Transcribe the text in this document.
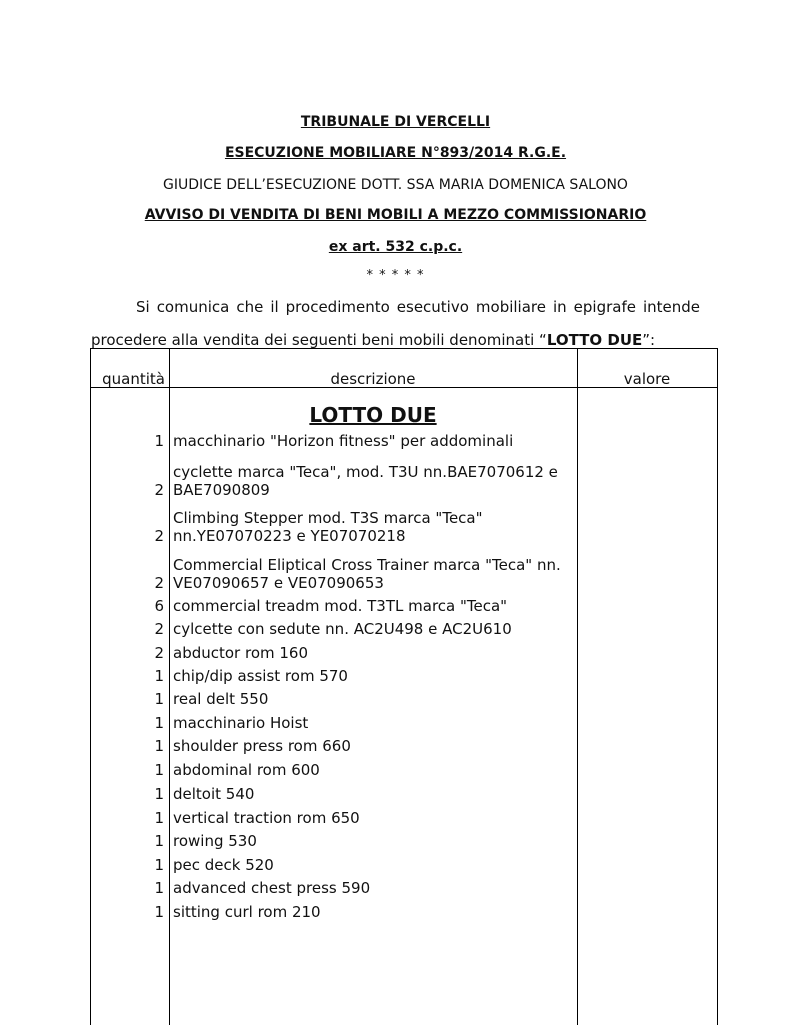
TRIBUNALE DI VERCELLI
ESECUZIONE MOBILIARE N°893/2014 R.G.E.
GIUDICE DELL’ESECUZIONE DOTT. SSA MARIA DOMENICA SALONO
AVVISO DI VENDITA DI BENI MOBILI A MEZZO COMMISSIONARIO
ex art. 532 c.p.c.
* * * * *
Si comunica che il procedimento esecutivo mobiliare in epigrafe intende
procedere alla vendita dei seguenti beni mobili denominati “LOTTO DUE”:
quantità	descrizione	valore
LOTTO DUE
1 macchinario "Horizon fitness" per addominali
2
cyclette marca "Teca", mod. T3U nn.BAE7070612 e BAE7090809
2
Climbing Stepper mod. T3S marca "Teca" nn.YE07070223 e YE07070218
2
Commercial Eliptical Cross Trainer marca "Teca" nn. VE07090657 e VE07090653
6 commercial treadm mod. T3TL marca "Teca"
2 cylcette con sedute nn. AC2U498 e AC2U610
2 abductor rom 160
1 chip/dip assist rom 570
1 real delt 550
1 macchinario Hoist
1 shoulder press rom 660
1 abdominal rom 600
1 deltoit 540
1 vertical traction rom 650
1 rowing 530
1 pec deck 520
1 advanced chest press 590
1 sitting curl rom 210
